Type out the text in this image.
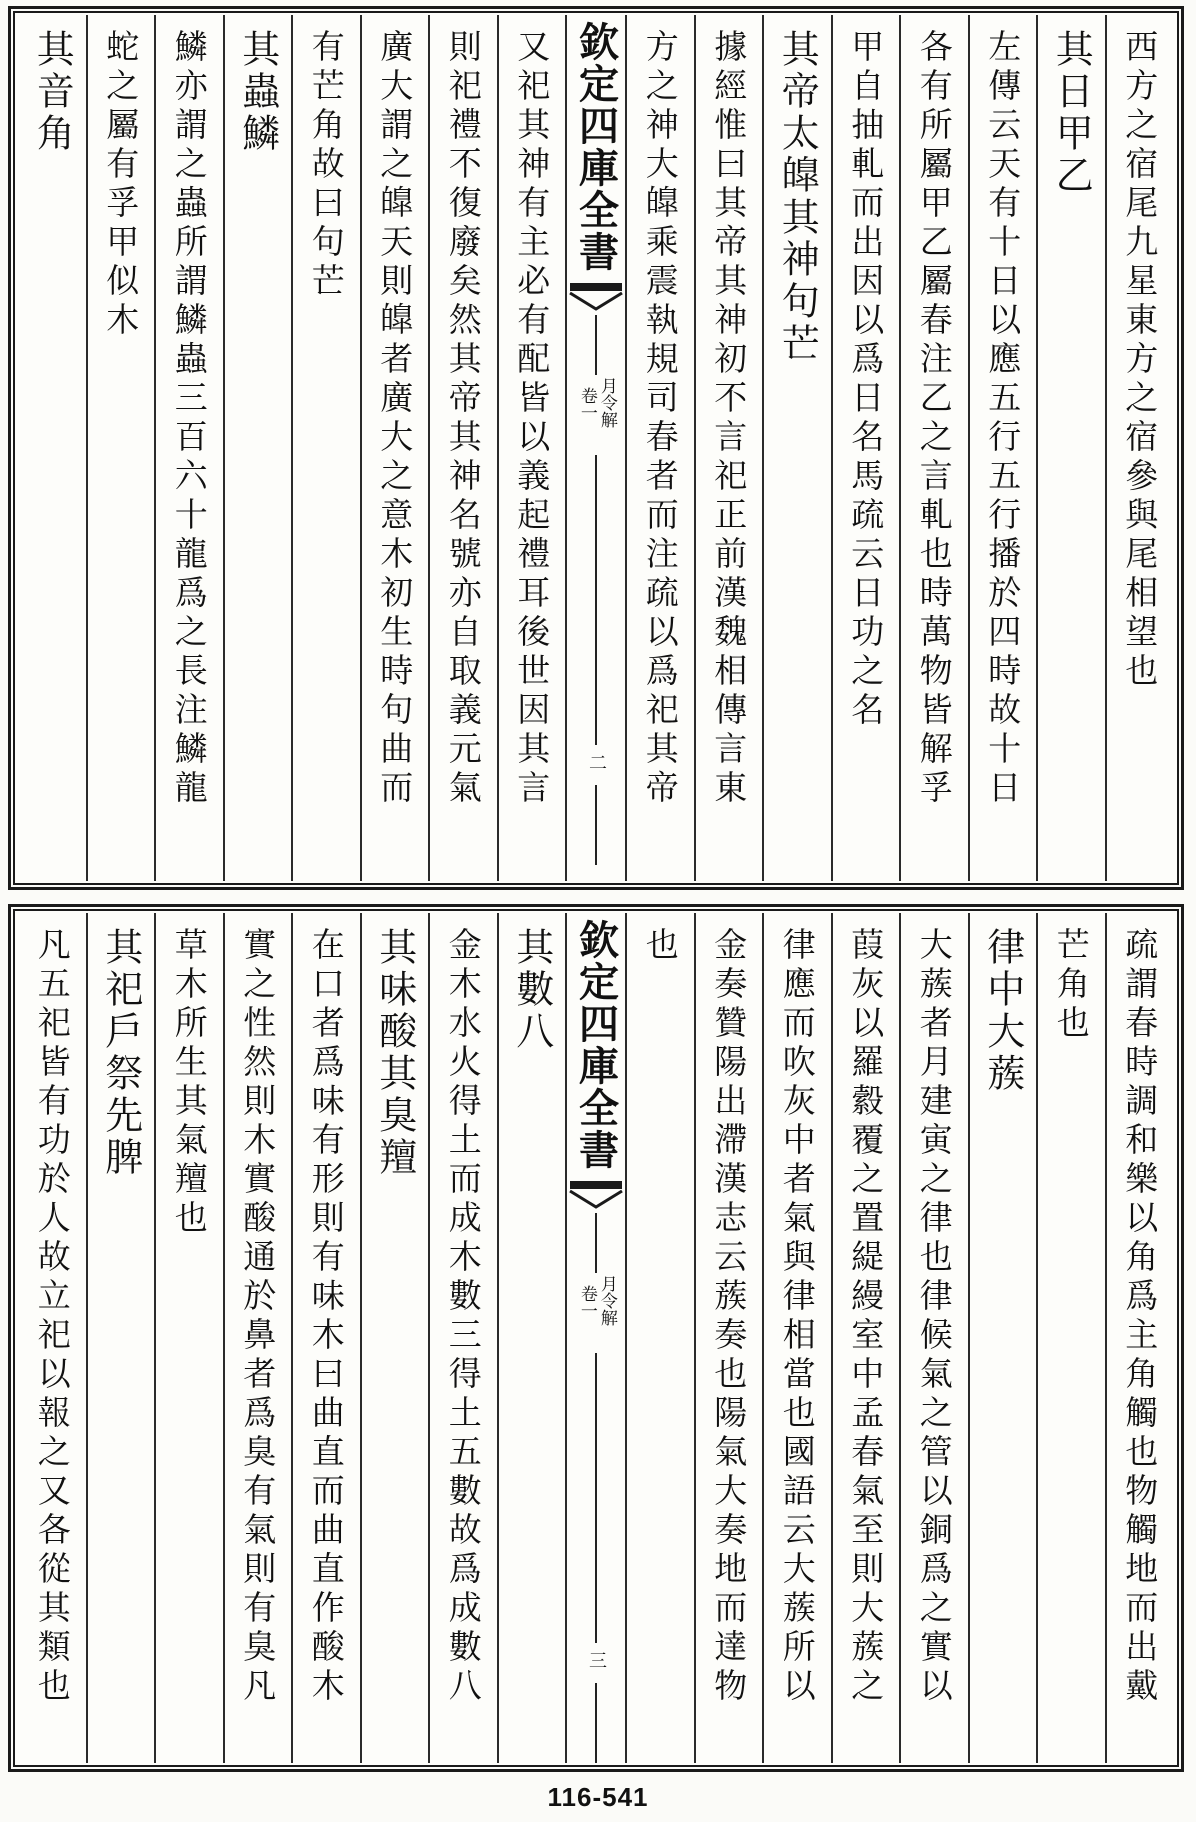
西方之宿尾九星東方之宿參與尾相望也
其日甲乙
左傳云天有十日以應五行五行播於四時故十日
各有所屬甲乙屬春注乙之言軋也時萬物皆解孚
甲自抽軋而出因以爲日名馬疏云日功之名
其帝太皥其神句芒
據經惟曰其帝其神初不言祀正前漢魏相傳言東
方之神大皥乘震執規司春者而注疏以爲祀其帝
欽定四庫全書
月令解
卷一
二
又祀其神有主必有配皆以義起禮耳後世因其言
則祀禮不復廢矣然其帝其神名號亦自取義元氣
廣大謂之皥天則皥者廣大之意木初生時句曲而
有芒角故曰句芒
其蟲鱗
鱗亦謂之蟲所謂鱗蟲三百六十龍爲之長注鱗龍
蛇之屬有孚甲似木
其音角
疏謂春時調和樂以角爲主角觸也物觸地而出戴
芒角也
律中大蔟
大蔟者月建寅之律也律候氣之管以銅爲之實以
葭灰以羅縠覆之置緹縵室中孟春氣至則大蔟之
律應而吹灰中者氣與律相當也國語云大蔟所以
金奏贊陽出滯漢志云蔟奏也陽氣大奏地而達物
也
欽定四庫全書
月令解
卷一
三
其數八
金木水火得土而成木數三得土五數故爲成數八
其味酸其臭羶
在口者爲味有形則有味木曰曲直而曲直作酸木
實之性然則木實酸通於鼻者爲臭有氣則有臭凡
草木所生其氣羶也
其祀戶祭先脾
凡五祀皆有功於人故立祀以報之又各從其類也
116-541
